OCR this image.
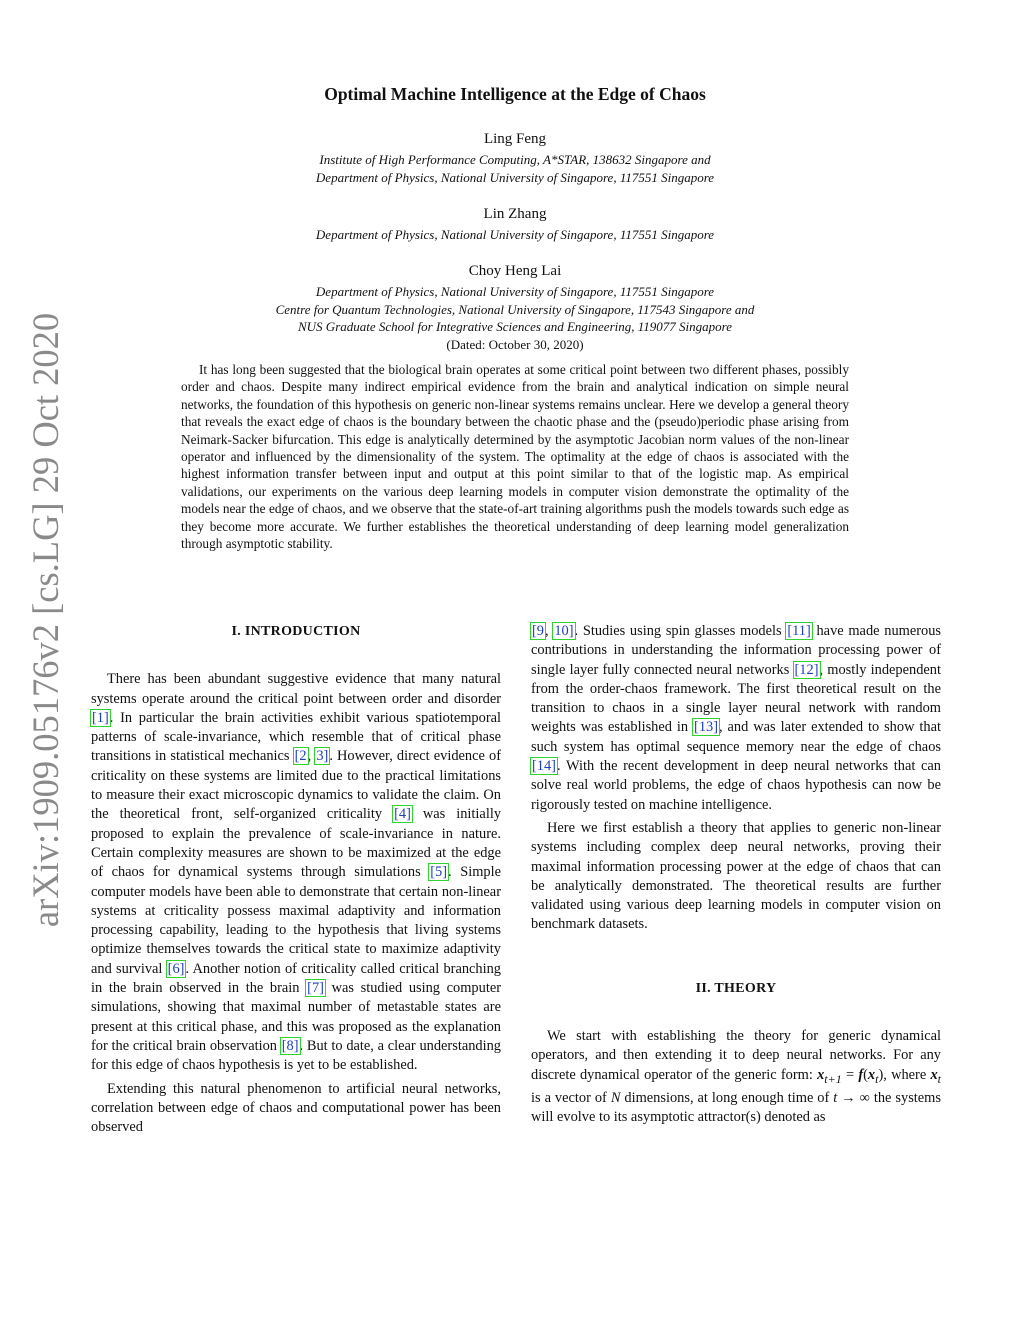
arXiv:1909.05176v2 [cs.LG] 29 Oct 2020
Optimal Machine Intelligence at the Edge of Chaos
Ling Feng
Institute of High Performance Computing, A*STAR, 138632 Singapore and
Department of Physics, National University of Singapore, 117551 Singapore
Lin Zhang
Department of Physics, National University of Singapore, 117551 Singapore
Choy Heng Lai
Department of Physics, National University of Singapore, 117551 Singapore
Centre for Quantum Technologies, National University of Singapore, 117543 Singapore and
NUS Graduate School for Integrative Sciences and Engineering, 119077 Singapore
(Dated: October 30, 2020)

It has long been suggested that the biological brain operates at some critical point between two different phases, possibly order and chaos. Despite many indirect empirical evidence from the brain and analytical indication on simple neural networks, the foundation of this hypothesis on generic non-linear systems remains unclear. Here we develop a general theory that reveals the exact edge of chaos is the boundary between the chaotic phase and the (pseudo)periodic phase arising from Neimark-Sacker bifurcation. This edge is analytically determined by the asymptotic Jacobian norm values of the non-linear operator and influenced by the dimensionality of the system. The optimality at the edge of chaos is associated with the highest information transfer between input and output at this point similar to that of the logistic map. As empirical validations, our experiments on the various deep learning models in computer vision demonstrate the optimality of the models near the edge of chaos, and we observe that the state-of-art training algorithms push the models towards such edge as they become more accurate. We further establishes the theoretical understanding of deep learning model generalization through asymptotic stability.

I. INTRODUCTION

There has been abundant suggestive evidence that many natural systems operate around the critical point between order and disorder [1]. In particular the brain activities exhibit various spatiotemporal patterns of scale-invariance, which resemble that of critical phase transitions in statistical mechanics [2, 3]. However, direct evidence of criticality on these systems are limited due to the practical limitations to measure their exact microscopic dynamics to validate the claim. On the theoretical front, self-organized criticality [4] was initially proposed to explain the prevalence of scale-invariance in nature. Certain complexity measures are shown to be maximized at the edge of chaos for dynamical systems through simulations [5]. Simple computer models have been able to demonstrate that certain non-linear systems at criticality possess maximal adaptivity and information processing capability, leading to the hypothesis that living systems optimize themselves towards the critical state to maximize adaptivity and survival [6]. Another notion of criticality called critical branching in the brain observed in the brain [7] was studied using computer simulations, showing that maximal number of metastable states are present at this critical phase, and this was proposed as the explanation for the critical brain observation [8]. But to date, a clear understanding for this edge of chaos hypothesis is yet to be established.

Extending this natural phenomenon to artificial neural networks, correlation between edge of chaos and computational power has been observed

[9, 10]. Studies using spin glasses models [11] have made numerous contributions in understanding the information processing power of single layer fully connected neural networks [12], mostly independent from the order-chaos framework. The first theoretical result on the transition to chaos in a single layer neural network with random weights was established in [13], and was later extended to show that such system has optimal sequence memory near the edge of chaos [14]. With the recent development in deep neural networks that can solve real world problems, the edge of chaos hypothesis can now be rigorously tested on machine intelligence.

Here we first establish a theory that applies to generic non-linear systems including complex deep neural networks, proving their maximal information processing power at the edge of chaos that can be analytically demonstrated. The theoretical results are further validated using various deep learning models in computer vision on benchmark datasets.

II. THEORY

We start with establishing the theory for generic dynamical operators, and then extending it to deep neural networks. For any discrete dynamical operator of the generic form: $x_{t+1} = f(x_t)$, where $x_t$ is a vector of N dimensions, at long enough time of t → ∞ the systems will evolve to its asymptotic attractor(s) denoted as
